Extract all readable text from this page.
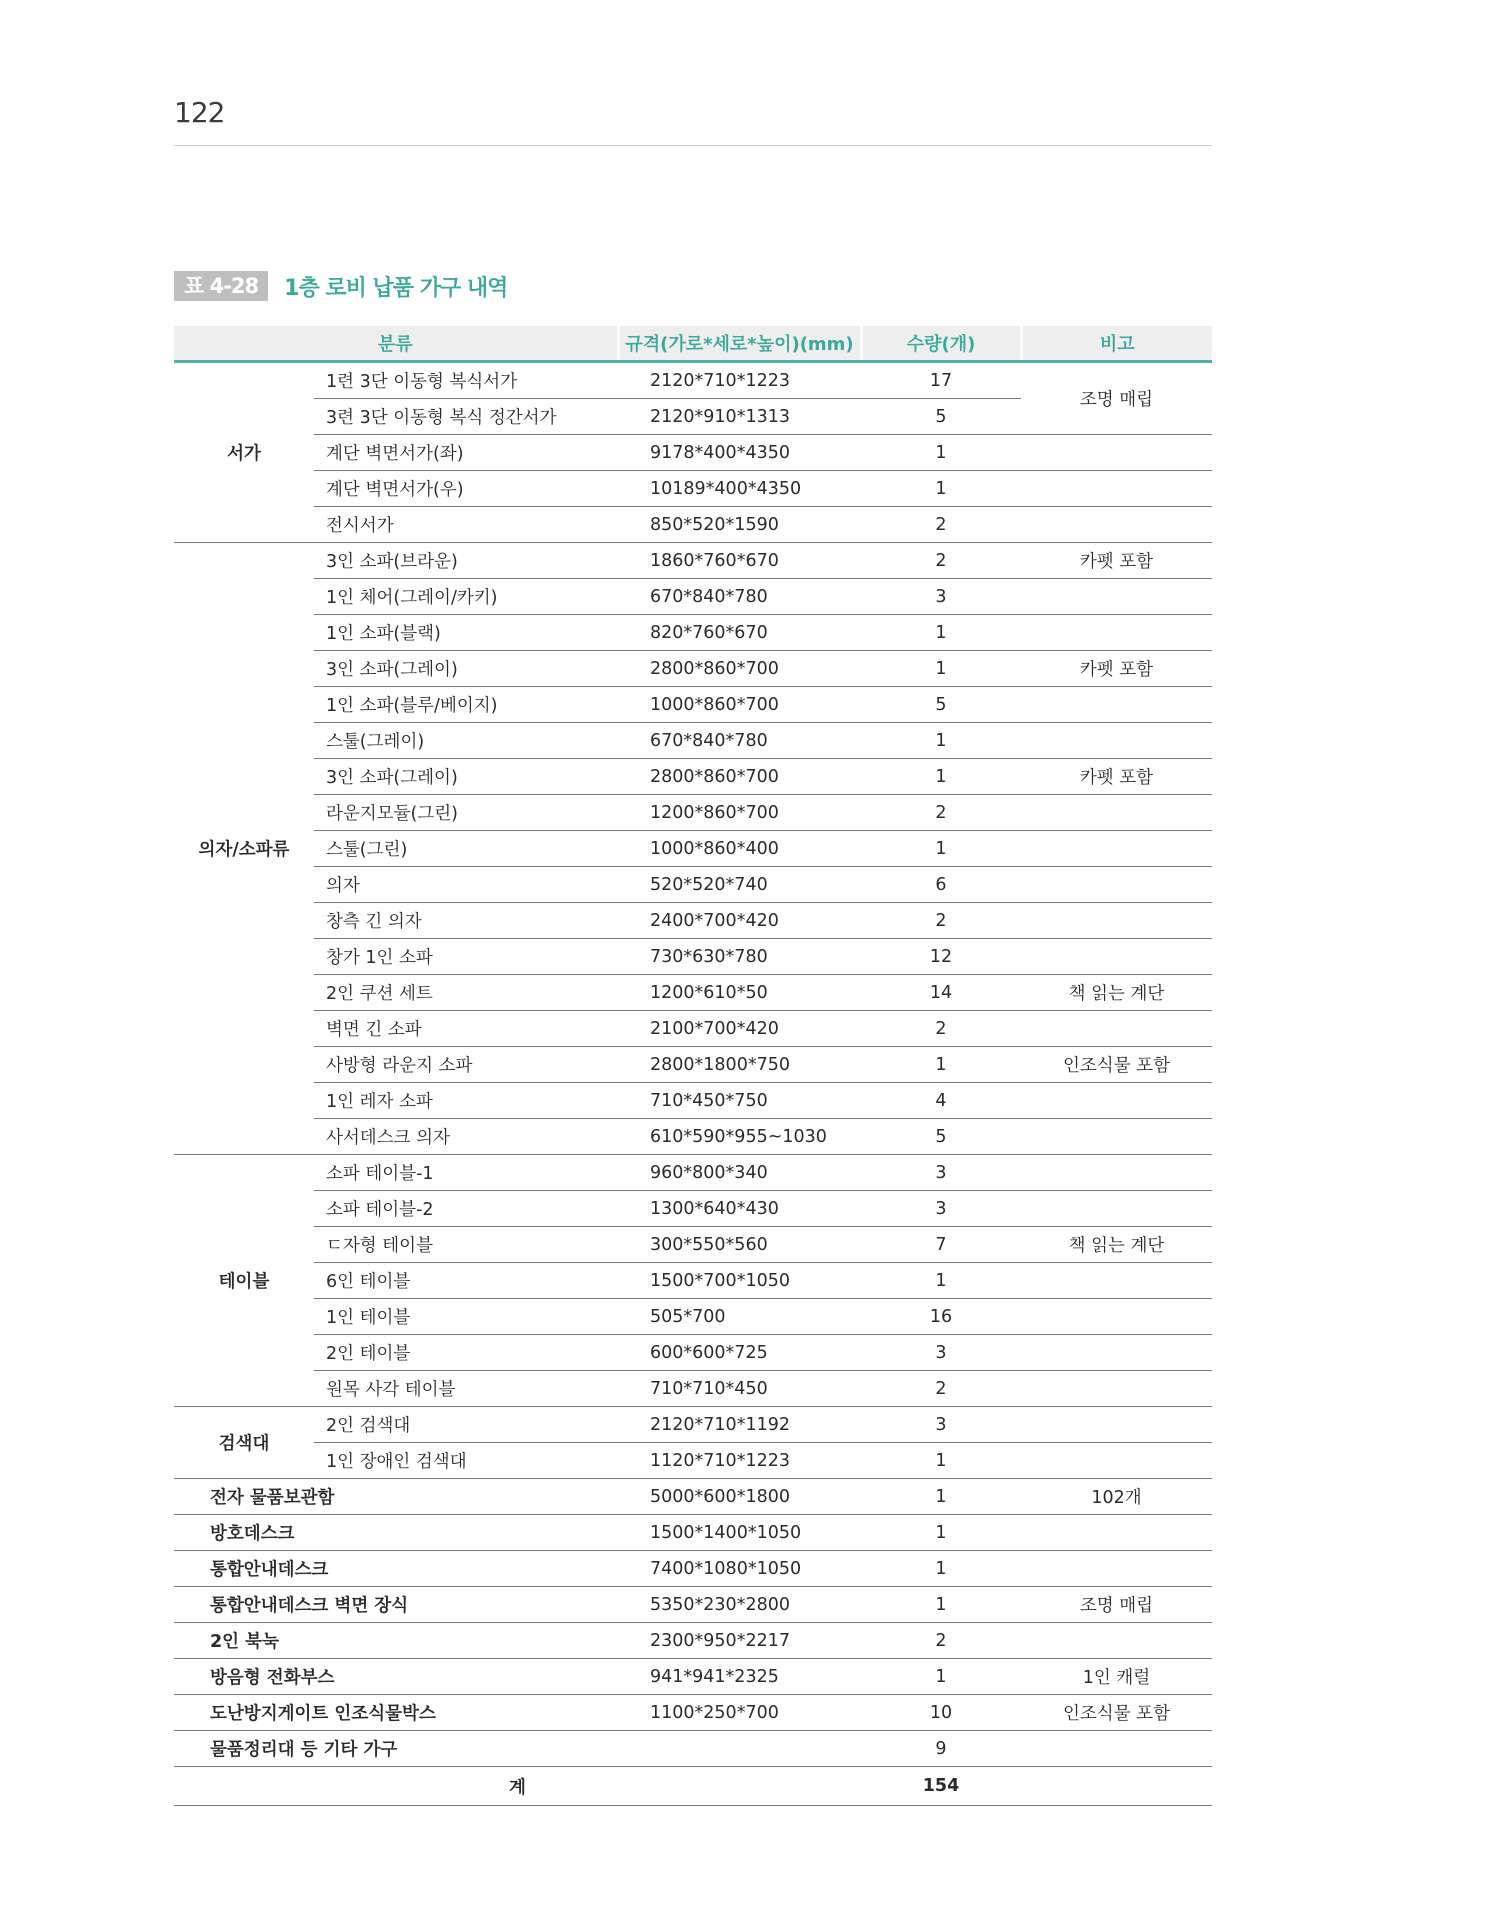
122
표 4-28	1층 로비 납품 가구 내역
분류		규격(가로*세로*높이)(mm)	수량(개)	비고
서가	1련 3단 이동형 복식서가	2120*710*1223	17	조명 매립
	3련 3단 이동형 복식 정간서가	2120*910*1313	5	
	계단 벽면서가(좌)	9178*400*4350	1	
	계단 벽면서가(우)	10189*400*4350	1	
	전시서가	850*520*1590	2	
의자/소파류	3인 소파(브라운)	1860*760*670	2	카펫 포함
	1인 체어(그레이/카키)	670*840*780	3	
	1인 소파(블랙)	820*760*670	1	
	3인 소파(그레이)	2800*860*700	1	카펫 포함
	1인 소파(블루/베이지)	1000*860*700	5	
	스툴(그레이)	670*840*780	1	
	3인 소파(그레이)	2800*860*700	1	카펫 포함
	라운지모듈(그린)	1200*860*700	2	
	스툴(그린)	1000*860*400	1	
	의자	520*520*740	6	
	창측 긴 의자	2400*700*420	2	
	창가 1인 소파	730*630*780	12	
	2인 쿠션 세트	1200*610*50	14	책 읽는 계단
	벽면 긴 소파	2100*700*420	2	
	사방형 라운지 소파	2800*1800*750	1	인조식물 포함
	1인 레자 소파	710*450*750	4	
	사서데스크 의자	610*590*955~1030	5	
테이블	소파 테이블-1	960*800*340	3	
	소파 테이블-2	1300*640*430	3	
	ㄷ자형 테이블	300*550*560	7	책 읽는 계단
	6인 테이블	1500*700*1050	1	
	1인 테이블	505*700	16	
	2인 테이블	600*600*725	3	
	원목 사각 테이블	710*710*450	2	
검색대	2인 검색대	2120*710*1192	3	
	1인 장애인 검색대	1120*710*1223	1	
전자 물품보관함		5000*600*1800	1	102개
방호데스크		1500*1400*1050	1	
통합안내데스크		7400*1080*1050	1	
통합안내데스크 벽면 장식		5350*230*2800	1	조명 매립
2인 북눅		2300*950*2217	2	
방음형 전화부스		941*941*2325	1	1인 캐럴
도난방지게이트 인조식물박스		1100*250*700	10	인조식물 포함
물품정리대 등 기타 가구			9	
계			154	
